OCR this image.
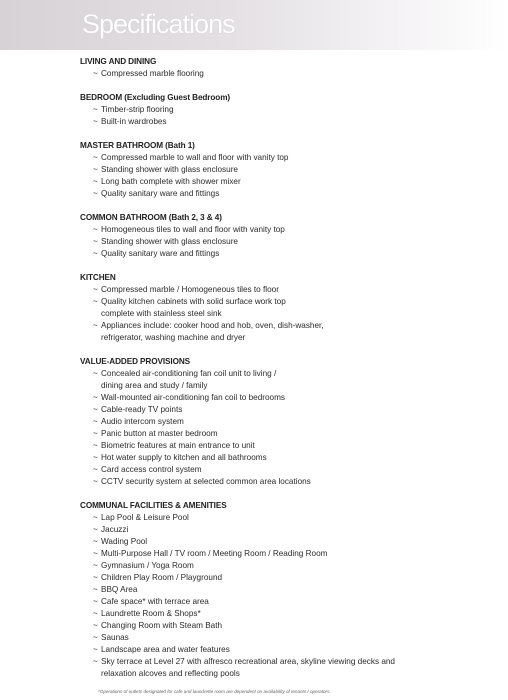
Specifications
LIVING AND DINING
~ Compressed marble flooring
BEDROOM (Excluding Guest Bedroom)
~ Timber-strip flooring
~ Built-in wardrobes
MASTER BATHROOM (Bath 1)
~ Compressed marble to wall and floor with vanity top
~ Standing shower with glass enclosure
~ Long bath complete with shower mixer
~ Quality sanitary ware and fittings
COMMON BATHROOM (Bath 2, 3 & 4)
~ Homogeneous tiles to wall and floor with vanity top
~ Standing shower with glass enclosure
~ Quality sanitary ware and fittings
KITCHEN
~ Compressed marble / Homogeneous tiles to floor
~ Quality kitchen cabinets with solid surface work top
complete with stainless steel sink
~ Appliances include: cooker hood and hob, oven, dish-washer,
refrigerator, washing machine and dryer
VALUE-ADDED PROVISIONS
~ Concealed air-conditioning fan coil unit to living /
dining area and study / family
~ Wall-mounted air-conditioning fan coil to bedrooms
~ Cable-ready TV points
~ Audio intercom system
~ Panic button at master bedroom
~ Biometric features at main entrance to unit
~ Hot water supply to kitchen and all bathrooms
~ Card access control system
~ CCTV security system at selected common area locations
COMMUNAL FACILITIES & AMENITIES
~ Lap Pool & Leisure Pool
~ Jacuzzi
~ Wading Pool
~ Multi-Purpose Hall / TV room / Meeting Room / Reading Room
~ Gymnasium / Yoga Room
~ Children Play Room / Playground
~ BBQ Area
~ Cafe space* with terrace area
~ Laundrette Room & Shops*
~ Changing Room with Steam Bath
~ Saunas
~ Landscape area and water features
~ Sky terrace at Level 27 with alfresco recreational area, skyline viewing decks and
relaxation alcoves and reflecting pools
*Operations of outlets designated for cafe and laundrette room are dependent on availability of tenants / operators.
